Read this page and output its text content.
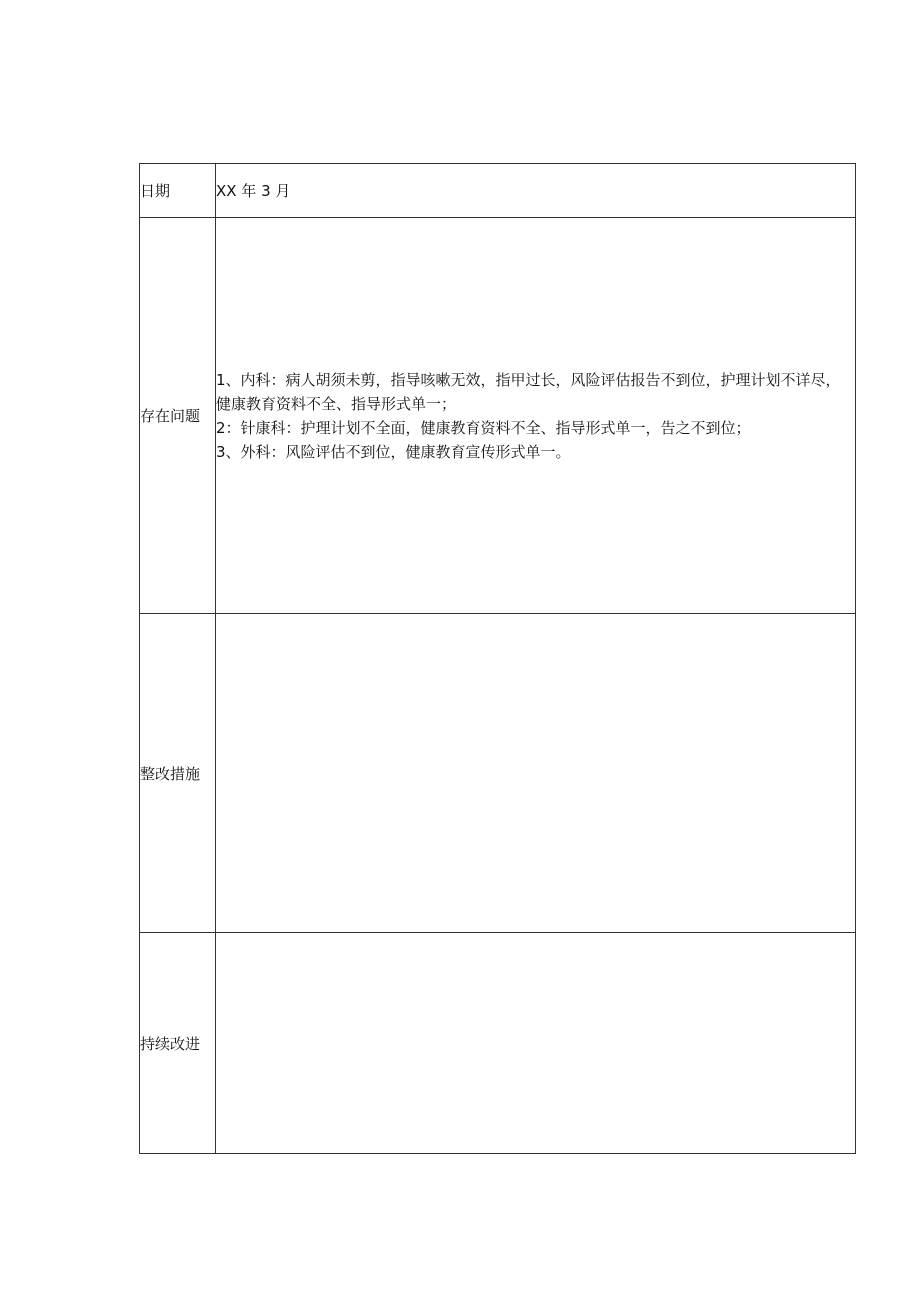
日期	XX 年 3 月
存在问题	1、内科：病人胡须未剪，指导咳嗽无效，指甲过长，风险评估报告不到位，护理计划不详尽，健康教育资料不全、指导形式单一；
2：针康科：护理计划不全面，健康教育资料不全、指导形式单一，告之不到位；
3、外科：风险评估不到位，健康教育宣传形式单一。

整改措施	
持续改进	
